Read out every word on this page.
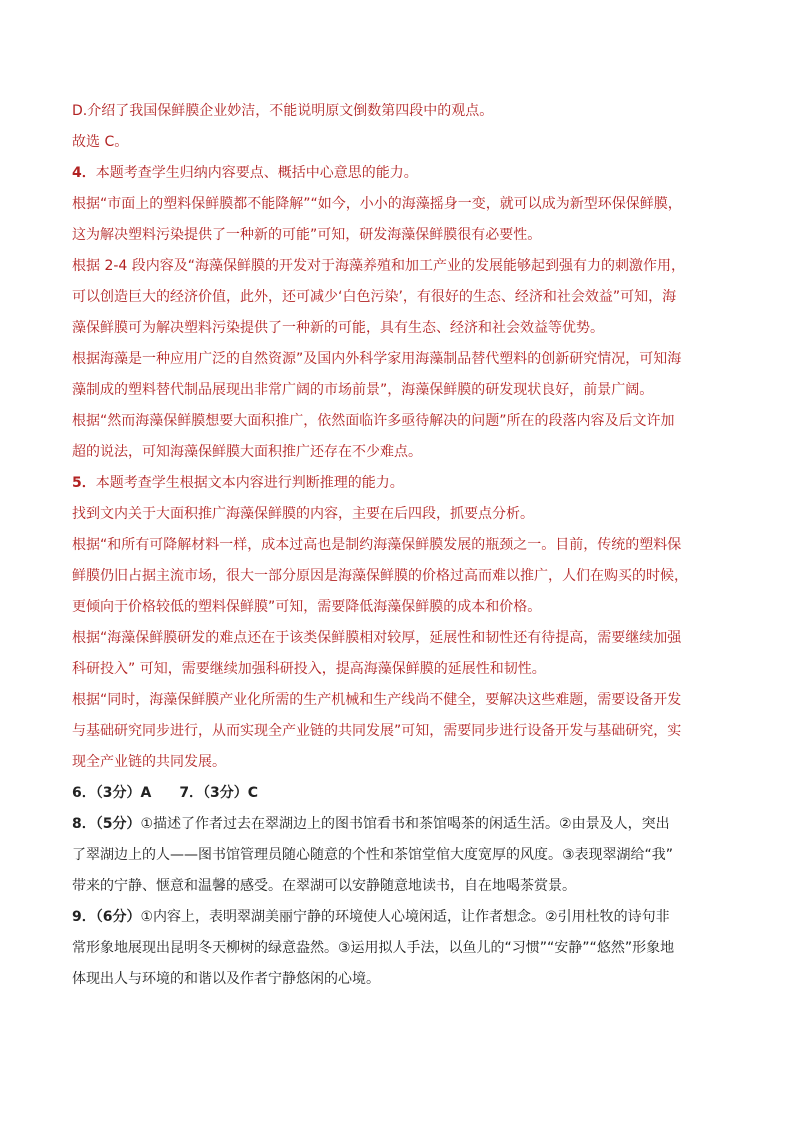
D.介绍了我国保鲜膜企业妙洁，不能说明原文倒数第四段中的观点。

故选 C。

4．本题考查学生归纳内容要点、概括中心意思的能力。

根据“市面上的塑料保鲜膜都不能降解”“如今，小小的海藻摇身一变，就可以成为新型环保保鲜膜，

这为解决塑料污染提供了一种新的可能”可知，研发海藻保鲜膜很有必要性。

根据 2-4 段内容及“海藻保鲜膜的开发对于海藻养殖和加工产业的发展能够起到强有力的刺激作用，

可以创造巨大的经济价值，此外，还可减少‘白色污染’，有很好的生态、经济和社会效益”可知，海

藻保鲜膜可为解决塑料污染提供了一种新的可能，具有生态、经济和社会效益等优势。

根据海藻是一种应用广泛的自然资源”及国内外科学家用海藻制品替代塑料的创新研究情况，可知海

藻制成的塑料替代制品展现出非常广阔的市场前景”，海藻保鲜膜的研发现状良好，前景广阔。

根据“然而海藻保鲜膜想要大面积推广，依然面临许多亟待解决的问题”所在的段落内容及后文许加

超的说法，可知海藻保鲜膜大面积推广还存在不少难点。

5．本题考查学生根据文本内容进行判断推理的能力。

找到文内关于大面积推广海藻保鲜膜的内容，主要在后四段，抓要点分析。

根据“和所有可降解材料一样，成本过高也是制约海藻保鲜膜发展的瓶颈之一。目前，传统的塑料保

鲜膜仍旧占据主流市场，很大一部分原因是海藻保鲜膜的价格过高而难以推广，人们在购买的时候，

更倾向于价格较低的塑料保鲜膜”可知，需要降低海藻保鲜膜的成本和价格。

根据“海藻保鲜膜研发的难点还在于该类保鲜膜相对较厚，延展性和韧性还有待提高，需要继续加强

科研投入” 可知，需要继续加强科研投入，提高海藻保鲜膜的延展性和韧性。

根据“同时，海藻保鲜膜产业化所需的生产机械和生产线尚不健全，要解决这些难题，需要设备开发

与基础研究同步进行，从而实现全产业链的共同发展”可知，需要同步进行设备开发与基础研究，实

现全产业链的共同发展。

6．（3分）A　　7．（3分）C

8．（5分）①描述了作者过去在翠湖边上的图书馆看书和茶馆喝茶的闲适生活。②由景及人，突出

了翠湖边上的人——图书馆管理员随心随意的个性和茶馆堂倌大度宽厚的风度。③表现翠湖给“我”

带来的宁静、惬意和温馨的感受。在翠湖可以安静随意地读书，自在地喝茶赏景。

9．（6分）①内容上，表明翠湖美丽宁静的环境使人心境闲适，让作者想念。②引用杜牧的诗句非

常形象地展现出昆明冬天柳树的绿意盎然。③运用拟人手法，以鱼儿的“习惯”“安静”“悠然”形象地

体现出人与环境的和谐以及作者宁静悠闲的心境。
